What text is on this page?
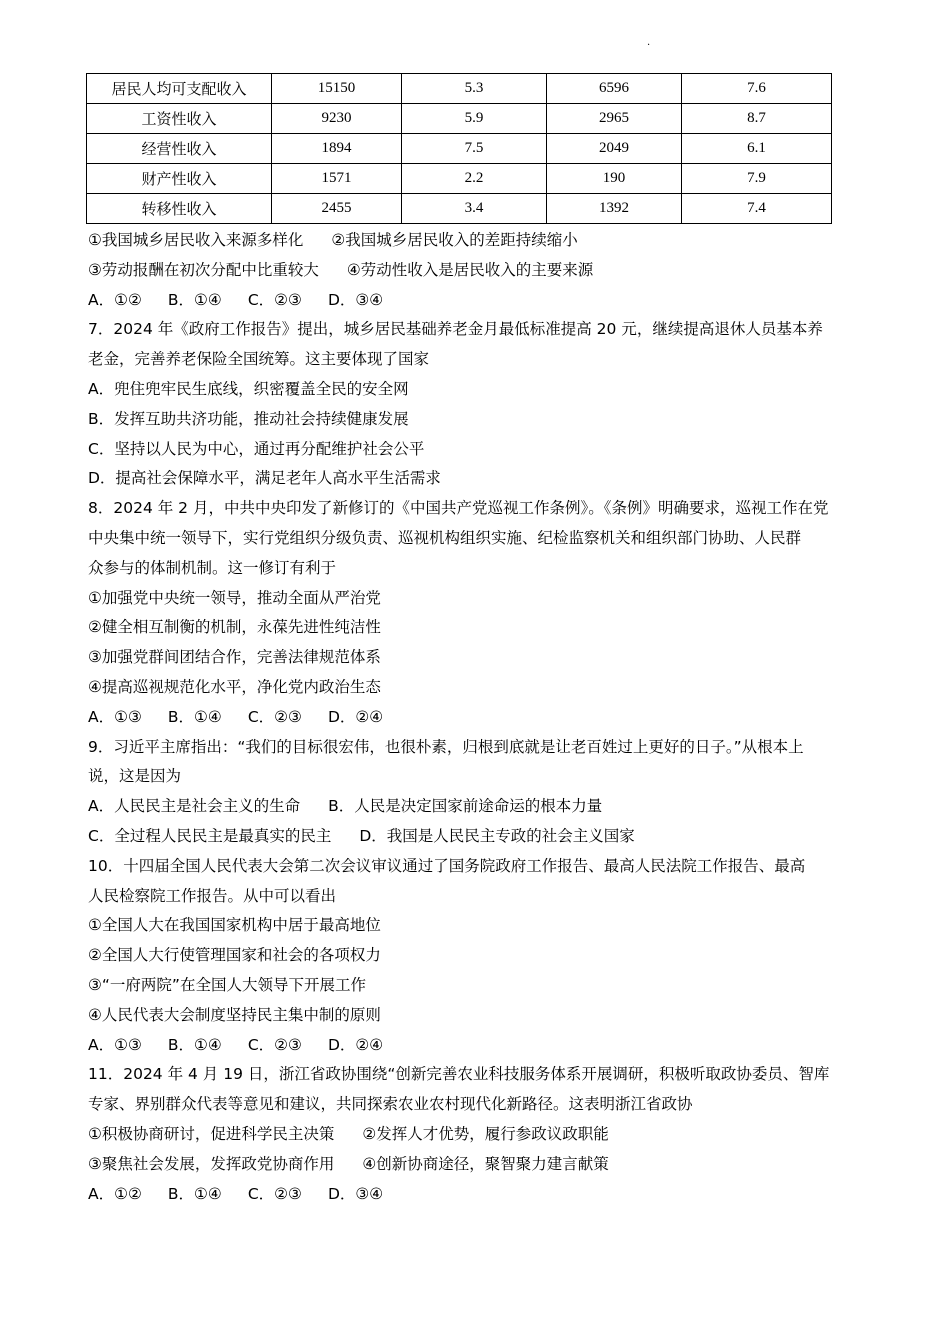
.
居民人均可支配收入	15150	5.3	6596	7.6
工资性收入	9230	5.9	2965	8.7
经营性收入	1894	7.5	2049	6.1
财产性收入	1571	2.2	190	7.9
转移性收入	2455	3.4	1392	7.4
①我国城乡居民收入来源多样化 ②我国城乡居民收入的差距持续缩小
③劳动报酬在初次分配中比重较大 ④劳动性收入是居民收入的主要来源
A．①② B．①④ C．②③ D．③④
7．2024 年《政府工作报告》提出，城乡居民基础养老金月最低标准提高 20 元，继续提高退休人员基本养
老金，完善养老保险全国统筹。这主要体现了国家
A．兜住兜牢民生底线，织密覆盖全民的安全网
B．发挥互助共济功能，推动社会持续健康发展
C．坚持以人民为中心，通过再分配维护社会公平
D．提高社会保障水平，满足老年人高水平生活需求
8．2024 年 2 月，中共中央印发了新修订的《中国共产党巡视工作条例》。《条例》明确要求，巡视工作在党
中央集中统一领导下，实行党组织分级负责、巡视机构组织实施、纪检监察机关和组织部门协助、人民群
众参与的体制机制。这一修订有利于
①加强党中央统一领导，推动全面从严治党
②健全相互制衡的机制，永葆先进性纯洁性
③加强党群间团结合作，完善法律规范体系
④提高巡视规范化水平，净化党内政治生态
A．①③ B．①④ C．②③ D．②④
9．习近平主席指出：“我们的目标很宏伟，也很朴素，归根到底就是让老百姓过上更好的日子。”从根本上
说，这是因为
A．人民民主是社会主义的生命 B．人民是决定国家前途命运的根本力量
C．全过程人民民主是最真实的民主 D．我国是人民民主专政的社会主义国家
10．十四届全国人民代表大会第二次会议审议通过了国务院政府工作报告、最高人民法院工作报告、最高
人民检察院工作报告。从中可以看出
①全国人大在我国国家机构中居于最高地位
②全国人大行使管理国家和社会的各项权力
③“一府两院”在全国人大领导下开展工作
④人民代表大会制度坚持民主集中制的原则
A．①③ B．①④ C．②③ D．②④
11．2024 年 4 月 19 日，浙江省政协围绕“创新完善农业科技服务体系开展调研，积极听取政协委员、智库
专家、界别群众代表等意见和建议，共同探索农业农村现代化新路径。这表明浙江省政协
①积极协商研讨，促进科学民主决策 ②发挥人才优势，履行参政议政职能
③聚焦社会发展，发挥政党协商作用 ④创新协商途径，聚智聚力建言献策
A．①② B．①④ C．②③ D．③④
